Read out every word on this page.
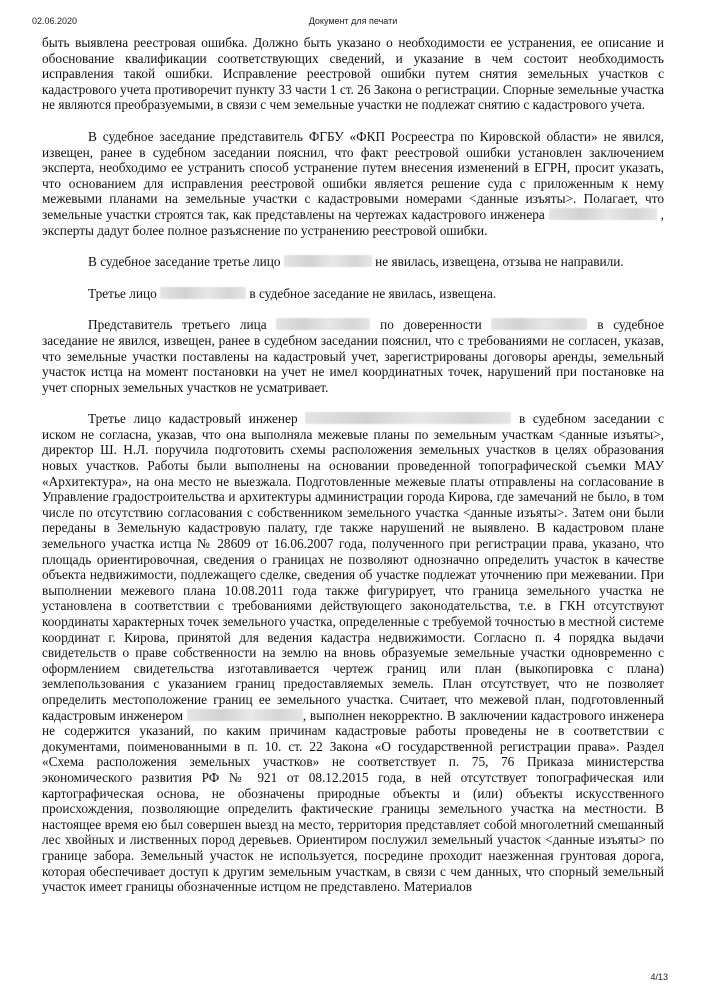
02.06.2020	Документ для печати

быть выявлена реестровая ошибка. Должно быть указано о необходимости ее устранения, ее описание и обоснование квалификации соответствующих сведений, и указание в чем состоит необходимость исправления такой ошибки. Исправление реестровой ошибки путем снятия земельных участков с кадастрового учета противоречит пункту 33 части 1 ст. 26 Закона о регистрации. Спорные земельные участка не являются преобразуемыми, в связи с чем земельные участки не подлежат снятию с кадастрового учета.

В судебное заседание представитель ФГБУ «ФКП Росреестра по Кировской области» не явился, извещен, ранее в судебном заседании пояснил, что факт реестровой ошибки установлен заключением эксперта, необходимо ее устранить способ устранение путем внесения изменений в ЕГРН, просит указать, что основанием для исправления реестровой ошибки является решение суда с приложенным к нему межевыми планами на земельные участки с кадастровыми номерами <данные изъяты>. Полагает, что земельные участки строятся так, как представлены на чертежах кадастрового инженера	, эксперты дадут более полное разъяснение по устранению реестровой ошибки.

В судебное заседание третье лицо	не явилась, извещена, отзыва не направили.

Третье лицо	в судебное заседание не явилась, извещена.

Представитель третьего лица	по доверенности	в судебное заседание не явился, извещен, ранее в судебном заседании пояснил, что с требованиями не согласен, указав, что земельные участки поставлены на кадастровый учет, зарегистрированы договоры аренды, земельный участок истца на момент постановки на учет не имел координатных точек, нарушений при постановке на учет спорных земельных участков не усматривает.

Третье лицо кадастровый инженер	в судебном заседании с иском не согласна, указав, что она выполняла межевые планы по земельным участкам <данные изъяты>, директор Ш. Н.Л. поручила подготовить схемы расположения земельных участков в целях образования новых участков. Работы были выполнены на основании проведенной топографической съемки МАУ «Архитектура», на она место не выезжала. Подготовленные межевые платы отправлены на согласование в Управление градостроительства и архитектуры администрации города Кирова, где замечаний не было, в том числе по отсутствию согласования с собственником земельного участка <данные изъяты>. Затем они были переданы в Земельную кадастровую палату, где также нарушений не выявлено. В кадастровом плане земельного участка истца № 28609 от 16.06.2007 года, полученного при регистрации права, указано, что площадь ориентировочная, сведения о границах не позволяют однозначно определить участок в качестве объекта недвижимости, подлежащего сделке, сведения об участке подлежат уточнению при межевании. При выполнении межевого плана 10.08.2011 года также фигурирует, что граница земельного участка не установлена в соответствии с требованиями действующего законодательства, т.е. в ГКН отсутствуют координаты характерных точек земельного участка, определенные с требуемой точностью в местной системе координат г. Кирова, принятой для ведения кадастра недвижимости. Согласно п. 4 порядка выдачи свидетельств о праве собственности на землю на вновь образуемые земельные участки одновременно с оформлением свидетельства изготавливается чертеж границ или план (выкопировка с плана) землепользования с указанием границ предоставляемых земель. План отсутствует, что не позволяет определить местоположение границ ее земельного участка. Считает, что межевой план, подготовленный кадастровым инженером	, выполнен некорректно. В заключении кадастрового инженера не содержится указаний, по каким причинам кадастровые работы проведены не в соответствии с документами, поименованными в п. 10. ст. 22 Закона «О государственной регистрации права». Раздел «Схема расположения земельных участков» не соответствует п. 75, 76 Приказа министерства экономического развития РФ № 921 от 08.12.2015 года, в ней отсутствует топографическая или картографическая основа, не обозначены природные объекты и (или) объекты искусственного происхождения, позволяющие определить фактические границы земельного участка на местности. В настоящее время ею был совершен выезд на место, территория представляет собой многолетний смешанный лес хвойных и лиственных пород деревьев. Ориентиром послужил земельный участок <данные изъяты> по границе забора. Земельный участок не используется, посредине проходит наезженная грунтовая дорога, которая обеспечивает доступ к другим земельным участкам, в связи с чем данных, что спорный земельный участок имеет границы обозначенные истцом не представлено. Материалов

4/13
